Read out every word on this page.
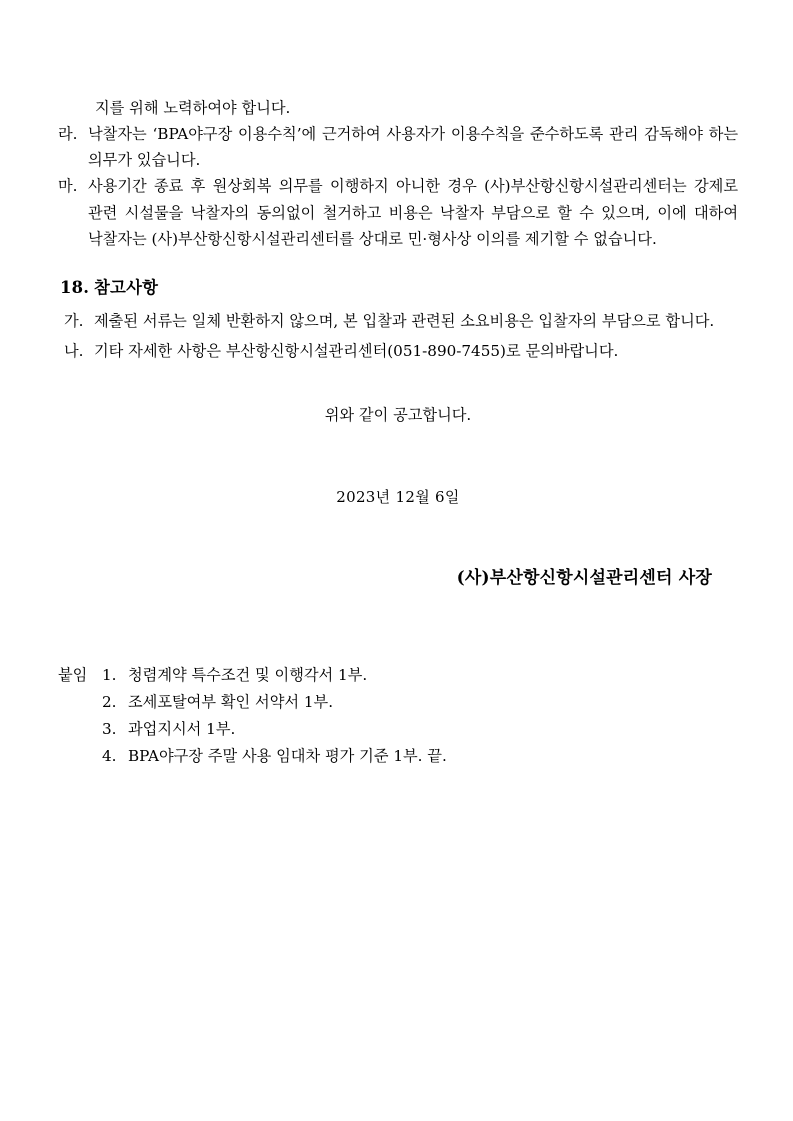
지를 위해 노력하여야 합니다.
라. 낙찰자는 ‘BPA야구장 이용수칙’에 근거하여 사용자가 이용수칙을 준수하도록 관리 감독해야 하는 의무가 있습니다.
마. 사용기간 종료 후 원상회복 의무를 이행하지 아니한 경우 (사)부산항신항시설관리센터는 강제로 관련 시설물을 낙찰자의 동의없이 철거하고 비용은 낙찰자 부담으로 할 수 있으며, 이에 대하여 낙찰자는 (사)부산항신항시설관리센터를 상대로 민·형사상 이의를 제기할 수 없습니다.
18. 참고사항
가. 제출된 서류는 일체 반환하지 않으며, 본 입찰과 관련된 소요비용은 입찰자의 부담으로 합니다.
나. 기타 자세한 사항은 부산항신항시설관리센터(051-890-7455)로 문의바랍니다.
위와 같이 공고합니다.
2023년 12월 6일
(사)부산항신항시설관리센터 사장
붙임 1. 청렴계약 특수조건 및 이행각서 1부.
2. 조세포탈여부 확인 서약서 1부.
3. 과업지시서 1부.
4. BPA야구장 주말 사용 임대차 평가 기준 1부. 끝.
